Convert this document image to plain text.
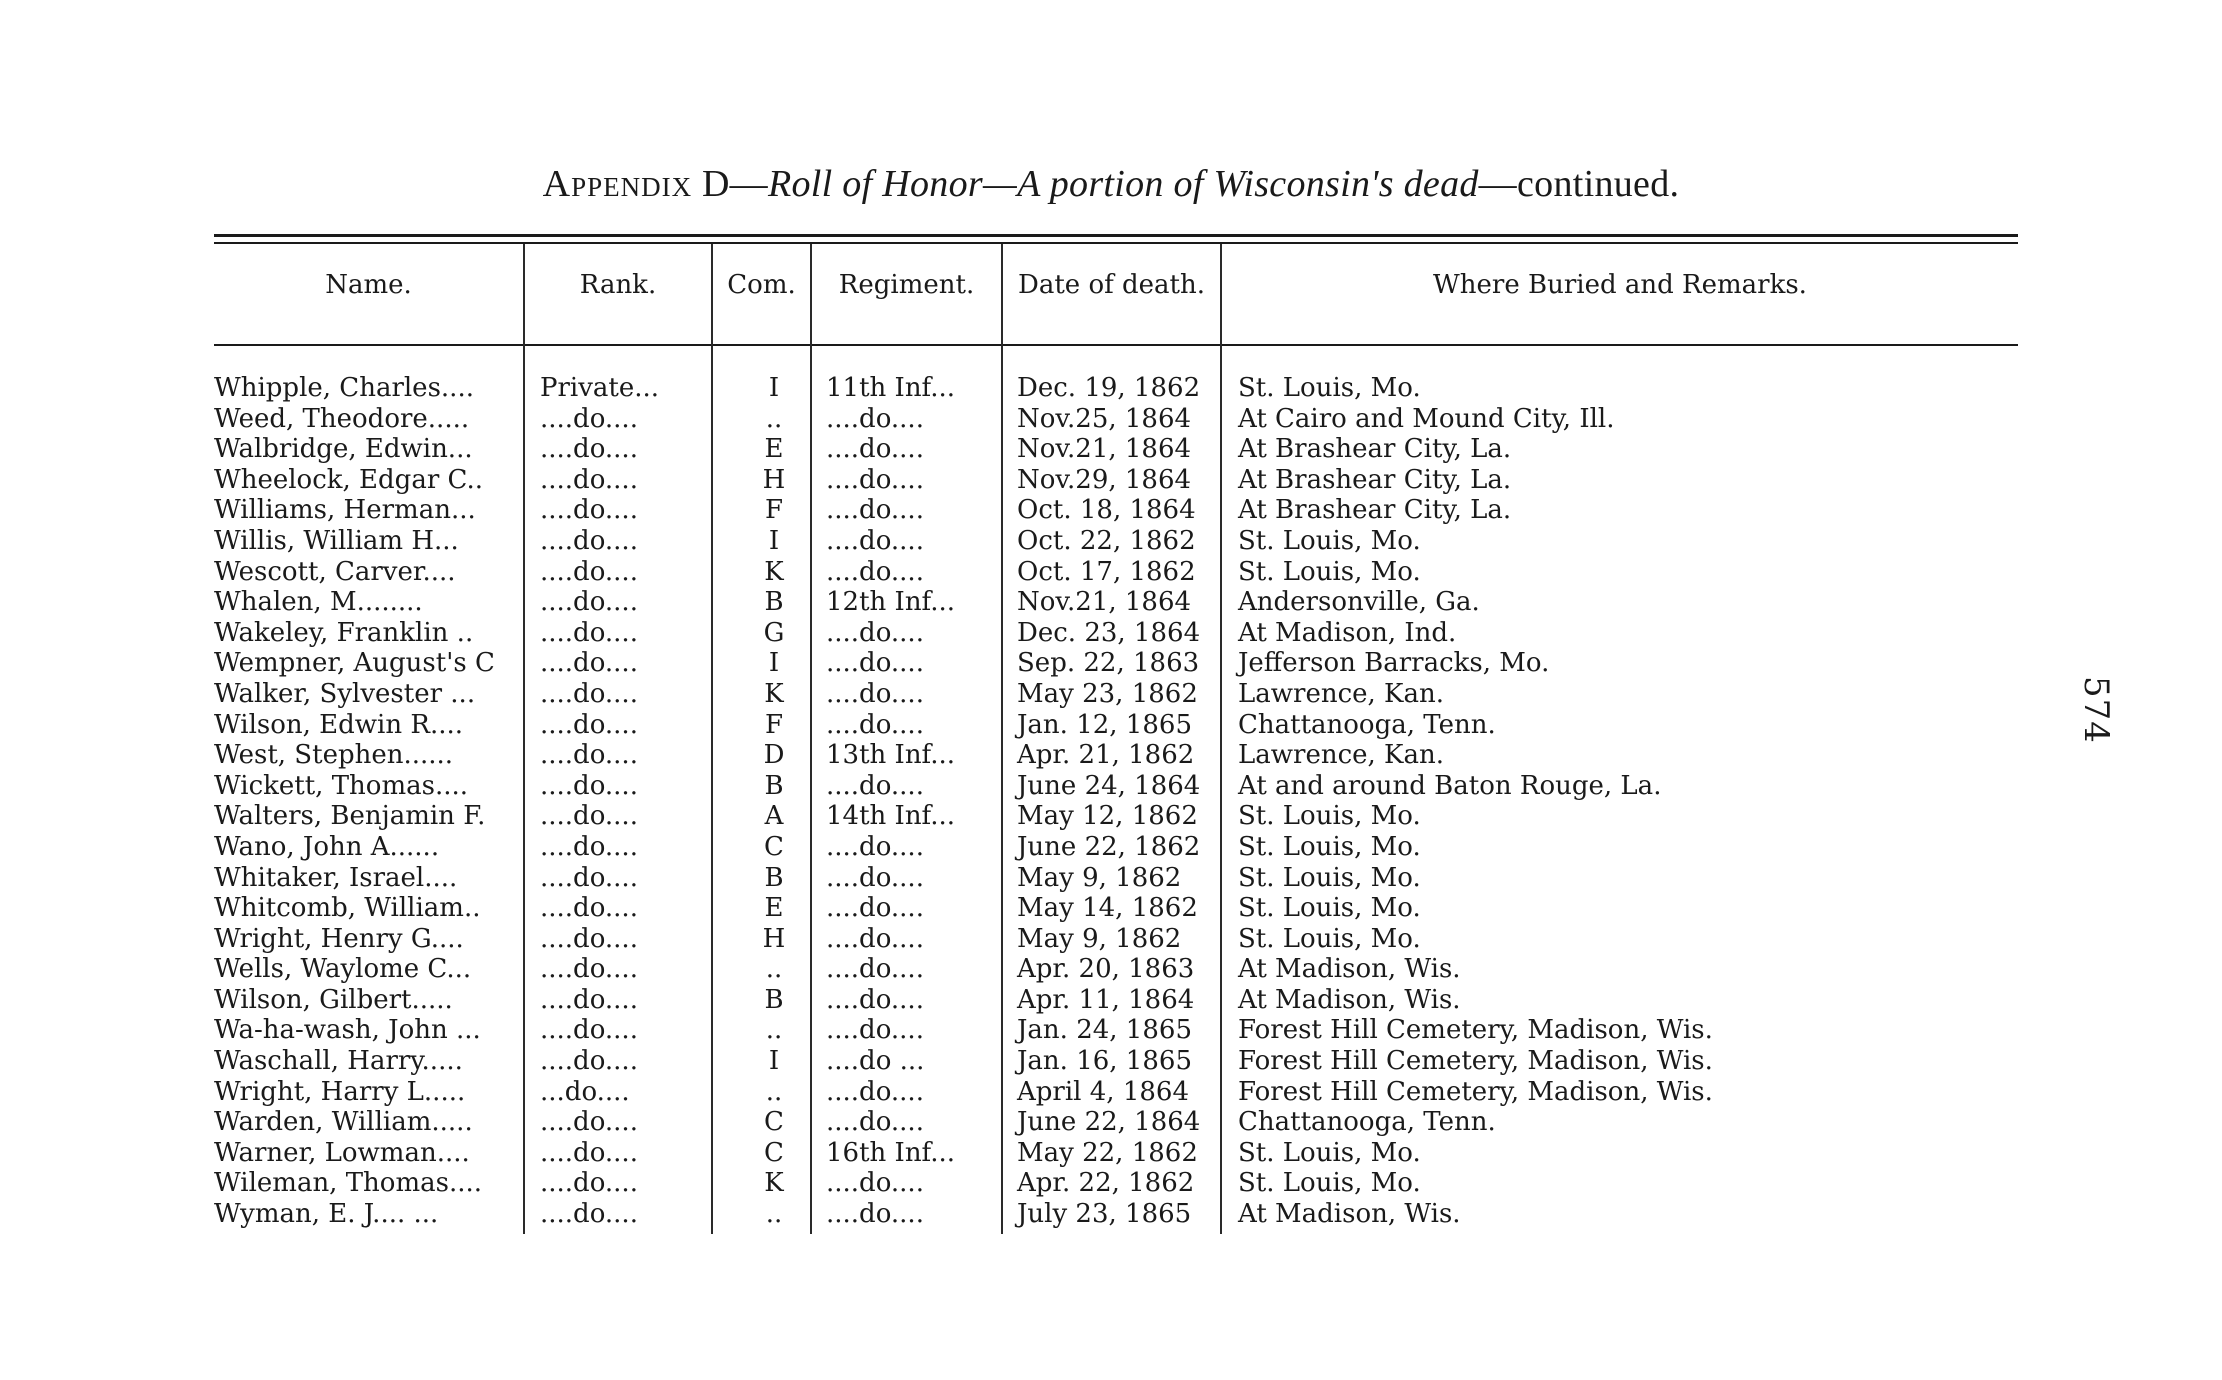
Appendix D—Roll of Honor—A portion of Wisconsin's dead—continued.
Name.	Rank.	Com.	Regiment.	Date of death.	Where Buried and Remarks.
Whipple, Charles....	Private...	I	11th Inf...	Dec. 19, 1862	St. Louis, Mo.
Weed, Theodore.....	....do....	..	....do....	Nov.25, 1864	At Cairo and Mound City, Ill.
Walbridge, Edwin...	....do....	E	....do....	Nov.21, 1864	At Brashear City, La.
Wheelock, Edgar C..	....do....	H	....do....	Nov.29, 1864	At Brashear City, La.
Williams, Herman...	....do....	F	....do....	Oct. 18, 1864	At Brashear City, La.
Willis, William H...	....do....	I	....do....	Oct. 22, 1862	St. Louis, Mo.
Wescott, Carver....	....do....	K	....do....	Oct. 17, 1862	St. Louis, Mo.
Whalen, M........	....do....	B	12th Inf...	Nov.21, 1864	Andersonville, Ga.
Wakeley, Franklin ..	....do....	G	....do....	Dec. 23, 1864	At Madison, Ind.
Wempner, August's C	....do....	I	....do....	Sep. 22, 1863	Jefferson Barracks, Mo.
Walker, Sylvester ...	....do....	K	....do....	May 23, 1862	Lawrence, Kan.
Wilson, Edwin R....	....do....	F	....do....	Jan. 12, 1865	Chattanooga, Tenn.
West, Stephen......	....do....	D	13th Inf...	Apr. 21, 1862	Lawrence, Kan.
Wickett, Thomas....	....do....	B	....do....	June 24, 1864	At and around Baton Rouge, La.
Walters, Benjamin F.	....do....	A	14th Inf...	May 12, 1862	St. Louis, Mo.
Wano, John A......	....do....	C	....do....	June 22, 1862	St. Louis, Mo.
Whitaker, Israel....	....do....	B	....do....	May 9, 1862	St. Louis, Mo.
Whitcomb, William..	....do....	E	....do....	May 14, 1862	St. Louis, Mo.
Wright, Henry G....	....do....	H	....do....	May 9, 1862	St. Louis, Mo.
Wells, Waylome C...	....do....	..	....do....	Apr. 20, 1863	At Madison, Wis.
Wilson, Gilbert.....	....do....	B	....do....	Apr. 11, 1864	At Madison, Wis.
Wa-ha-wash, John ...	....do....	..	....do....	Jan. 24, 1865	Forest Hill Cemetery, Madison, Wis.
Waschall, Harry.....	....do....	I	....do ...	Jan. 16, 1865	Forest Hill Cemetery, Madison, Wis.
Wright, Harry L.....	...do....	..	....do....	April 4, 1864	Forest Hill Cemetery, Madison, Wis.
Warden, William.....	....do....	C	....do....	June 22, 1864	Chattanooga, Tenn.
Warner, Lowman....	....do....	C	16th Inf...	May 22, 1862	St. Louis, Mo.
Wileman, Thomas....	....do....	K	....do....	Apr. 22, 1862	St. Louis, Mo.
Wyman, E. J.... ...	....do....	..	....do....	July 23, 1865	At Madison, Wis.
574
